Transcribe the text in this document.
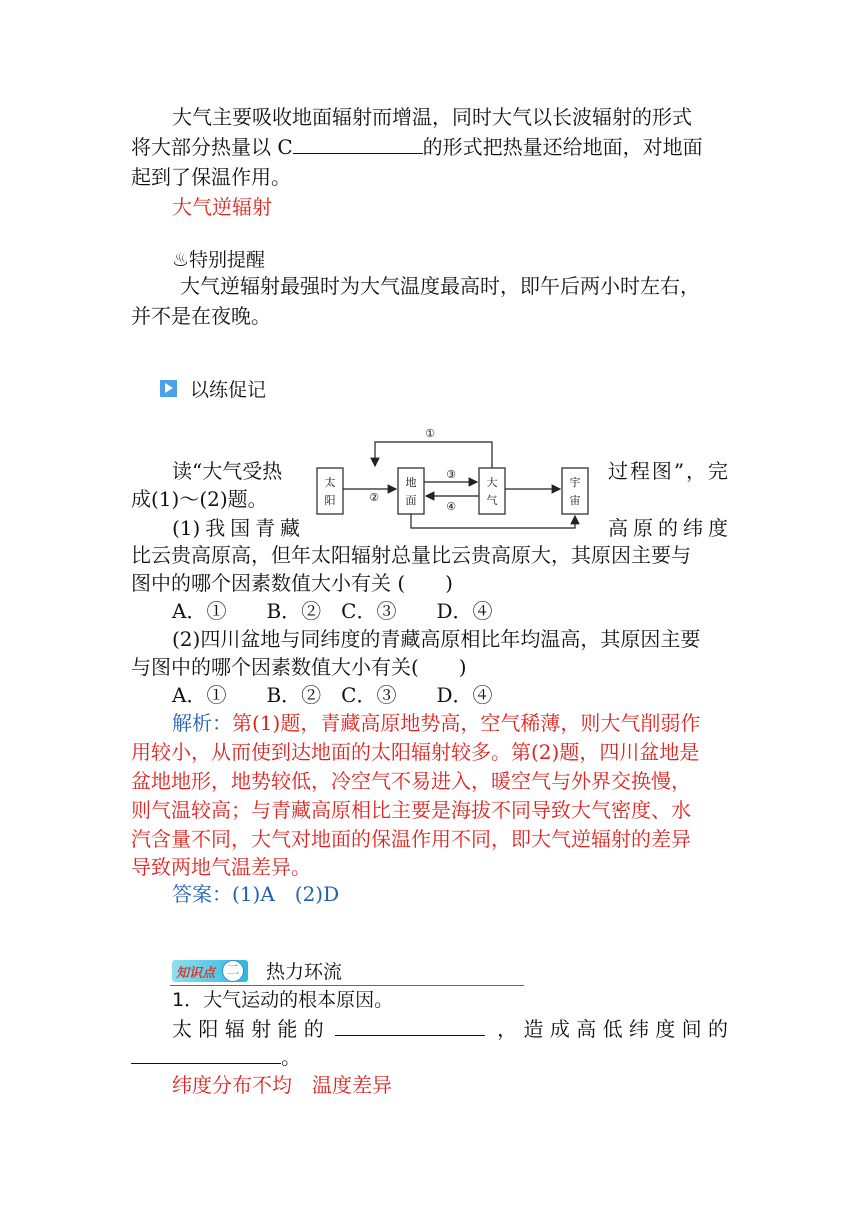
大气主要吸收地面辐射而增温，同时大气以长波辐射的形式
将大部分热量以 C	的形式把热量还给地面，对地面
起到了保温作用。
大气逆辐射
♨特别提醒
大气逆辐射最强时为大气温度最高时，即午后两小时左右，
并不是在夜晚。
以练促记
太
阳
地
面
大
气
宇
宙
①
②
③
④
读“大气受热	过程图”，完
成(1)～(2)题。
(1)我国青藏	高原的纬度
比云贵高原高，但年太阳辐射总量比云贵高原大，其原因主要与
图中的哪个因素数值大小有关 (　　)
A．①　　B．②　C．③　　D．④
(2)四川盆地与同纬度的青藏高原相比年均温高，其原因主要
与图中的哪个因素数值大小有关(　　)
A．①　　B．②　C．③　　D．④
解析：第(1)题，青藏高原地势高，空气稀薄，则大气削弱作
用较小，从而使到达地面的太阳辐射较多。第(2)题，四川盆地是
盆地地形，地势较低，冷空气不易进入，暖空气与外界交换慢，
则气温较高；与青藏高原相比主要是海拔不同导致大气密度、水
汽含量不同，大气对地面的保温作用不同，即大气逆辐射的差异
导致两地气温差异。
答案：(1)A　(2)D
知识点 二 热力环流
1．大气运动的根本原因。
太 阳 辐 射 能 的	， 造 成 高 低 纬 度 间 的
。
纬度分布不均　温度差异
